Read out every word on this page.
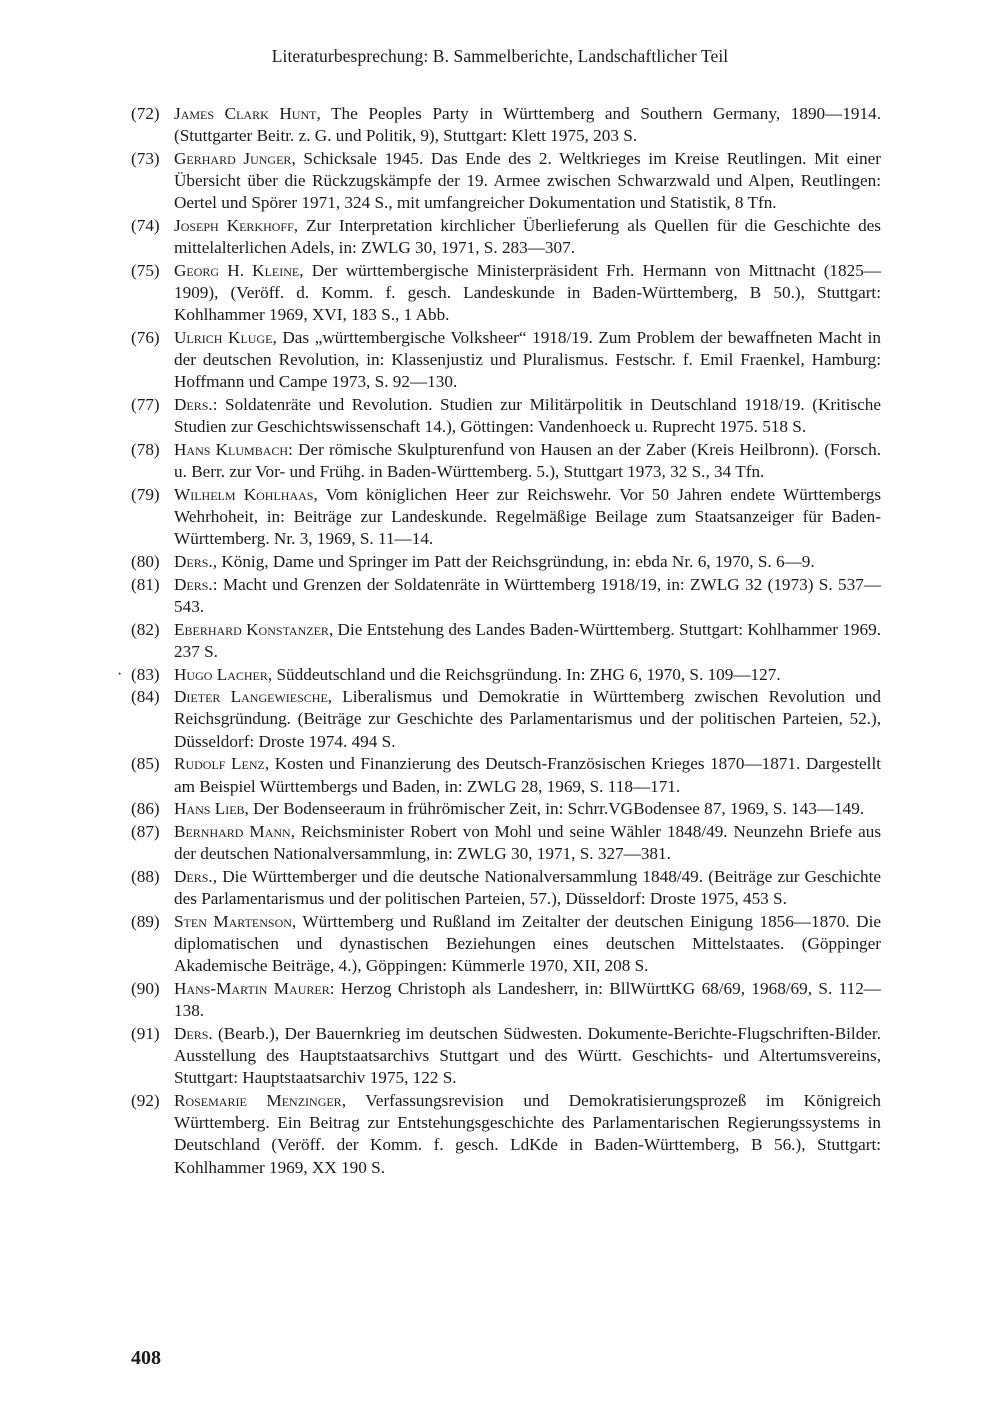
Literaturbesprechung: B. Sammelberichte, Landschaftlicher Teil
(72) James Clark Hunt, The Peoples Party in Württemberg and Southern Germany, 1890—1914. (Stuttgarter Beitr. z. G. und Politik, 9), Stuttgart: Klett 1975, 203 S.
(73) Gerhard Junger, Schicksale 1945. Das Ende des 2. Weltkrieges im Kreise Reutlingen. Mit einer Übersicht über die Rückzugskämpfe der 19. Armee zwischen Schwarzwald und Alpen, Reutlingen: Oertel und Spörer 1971, 324 S., mit umfangreicher Dokumentation und Statistik, 8 Tfn.
(74) Joseph Kerkhoff, Zur Interpretation kirchlicher Überlieferung als Quellen für die Geschichte des mittelalterlichen Adels, in: ZWLG 30, 1971, S. 283—307.
(75) Georg H. Kleine, Der württembergische Ministerpräsident Frh. Hermann von Mittnacht (1825—1909), (Veröff. d. Komm. f. gesch. Landeskunde in Baden-Württemberg, B 50.), Stuttgart: Kohlhammer 1969, XVI, 183 S., 1 Abb.
(76) Ulrich Kluge, Das „württembergische Volksheer“ 1918/19. Zum Problem der bewaffneten Macht in der deutschen Revolution, in: Klassenjustiz und Pluralismus. Festschr. f. Emil Fraenkel, Hamburg: Hoffmann und Campe 1973, S. 92—130.
(77) Ders.: Soldatenräte und Revolution. Studien zur Militärpolitik in Deutschland 1918/19. (Kritische Studien zur Geschichtswissenschaft 14.), Göttingen: Vandenhoeck u. Ruprecht 1975. 518 S.
(78) Hans Klumbach: Der römische Skulpturenfund von Hausen an der Zaber (Kreis Heilbronn). (Forsch. u. Berr. zur Vor- und Frühg. in Baden-Württemberg. 5.), Stuttgart 1973, 32 S., 34 Tfn.
(79) Wilhelm Kohlhaas, Vom königlichen Heer zur Reichswehr. Vor 50 Jahren endete Württembergs Wehrhoheit, in: Beiträge zur Landeskunde. Regelmäßige Beilage zum Staatsanzeiger für Baden-Württemberg. Nr. 3, 1969, S. 11—14.
(80) Ders., König, Dame und Springer im Patt der Reichsgründung, in: ebda Nr. 6, 1970, S. 6—9.
(81) Ders.: Macht und Grenzen der Soldatenräte in Württemberg 1918/19, in: ZWLG 32 (1973) S. 537—543.
(82) Eberhard Konstanzer, Die Entstehung des Landes Baden-Württemberg. Stuttgart: Kohlhammer 1969. 237 S.
· (83) Hugo Lacher, Süddeutschland und die Reichsgründung. In: ZHG 6, 1970, S. 109—127.
(84) Dieter Langewiesche, Liberalismus und Demokratie in Württemberg zwischen Revolution und Reichsgründung. (Beiträge zur Geschichte des Parlamentarismus und der politischen Parteien, 52.), Düsseldorf: Droste 1974. 494 S.
(85) Rudolf Lenz, Kosten und Finanzierung des Deutsch-Französischen Krieges 1870—1871. Dargestellt am Beispiel Württembergs und Baden, in: ZWLG 28, 1969, S. 118—171.
(86) Hans Lieb, Der Bodenseeraum in frührömischer Zeit, in: Schrr.VGBodensee 87, 1969, S. 143—149.
(87) Bernhard Mann, Reichsminister Robert von Mohl und seine Wähler 1848/49. Neunzehn Briefe aus der deutschen Nationalversammlung, in: ZWLG 30, 1971, S. 327—381.
(88) Ders., Die Württemberger und die deutsche Nationalversammlung 1848/49. (Beiträge zur Geschichte des Parlamentarismus und der politischen Parteien, 57.), Düsseldorf: Droste 1975, 453 S.
(89) Sten Martenson, Württemberg und Rußland im Zeitalter der deutschen Einigung 1856—1870. Die diplomatischen und dynastischen Beziehungen eines deutschen Mittelstaates. (Göppinger Akademische Beiträge, 4.), Göppingen: Kümmerle 1970, XII, 208 S.
(90) Hans-Martin Maurer: Herzog Christoph als Landesherr, in: BllWürttKG 68/69, 1968/69, S. 112—138.
(91) Ders. (Bearb.), Der Bauernkrieg im deutschen Südwesten. Dokumente-Berichte-Flugschriften-Bilder. Ausstellung des Hauptstaatsarchivs Stuttgart und des Württ. Geschichts- und Altertumsvereins, Stuttgart: Hauptstaatsarchiv 1975, 122 S.
(92) Rosemarie Menzinger, Verfassungsrevision und Demokratisierungsprozeß im Königreich Württemberg. Ein Beitrag zur Entstehungsgeschichte des Parlamentarischen Regierungssystems in Deutschland (Veröff. der Komm. f. gesch. LdKde in Baden-Württemberg, B 56.), Stuttgart: Kohlhammer 1969, XX 190 S.
408
